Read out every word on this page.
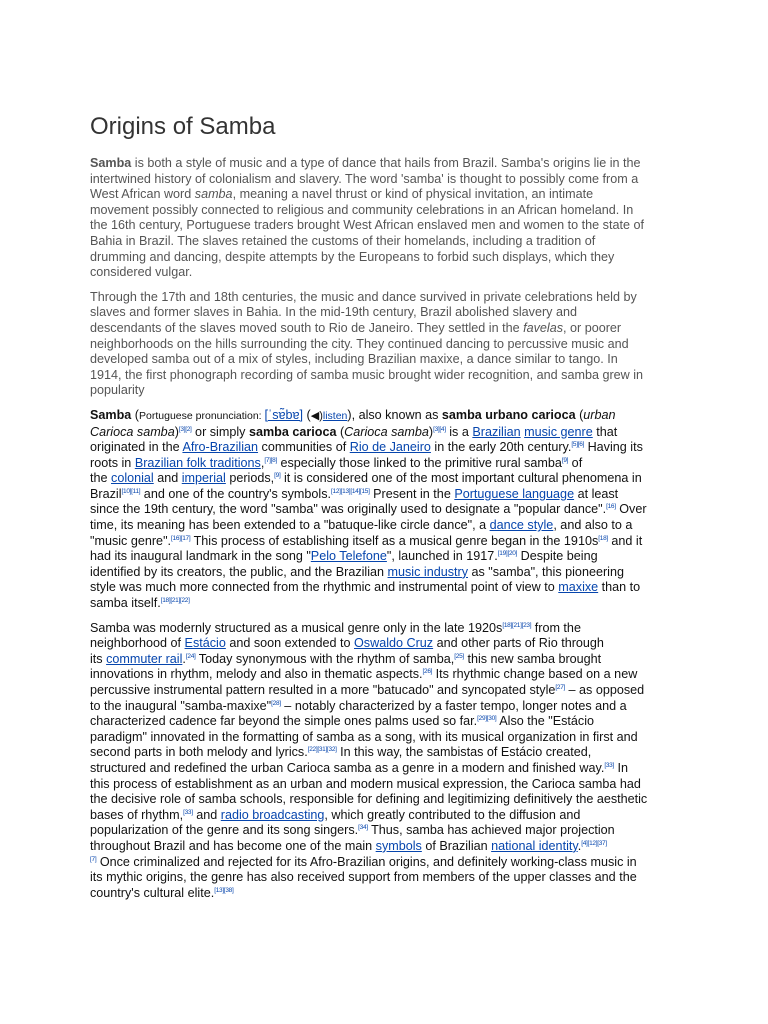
Origins of Samba

Samba is both a style of music and a type of dance that hails from Brazil. Samba's origins lie in the
intertwined history of colonialism and slavery. The word 'samba' is thought to possibly come from a
West African word samba, meaning a navel thrust or kind of physical invitation, an intimate
movement possibly connected to religious and community celebrations in an African homeland. In
the 16th century, Portuguese traders brought West African enslaved men and women to the state of
Bahia in Brazil. The slaves retained the customs of their homelands, including a tradition of
drumming and dancing, despite attempts by the Europeans to forbid such displays, which they
considered vulgar.

Through the 17th and 18th centuries, the music and dance survived in private celebrations held by
slaves and former slaves in Bahia. In the mid-19th century, Brazil abolished slavery and
descendants of the slaves moved south to Rio de Janeiro. They settled in the favelas, or poorer
neighborhoods on the hills surrounding the city. They continued dancing to percussive music and
developed samba out of a mix of styles, including Brazilian maxixe, a dance similar to tango. In
1914, the first phonograph recording of samba music brought wider recognition, and samba grew in
popularity

Samba (Portuguese pronunciation: [ˈsɐ̃bɐ] (◀)listen), also known as samba urbano carioca (urban
Carioca samba)[3][2] or simply samba carioca (Carioca samba)[3][4] is a Brazilian music genre that
originated in the Afro-Brazilian communities of Rio de Janeiro in the early 20th century.[5][6] Having its
roots in Brazilian folk traditions,[7][8] especially those linked to the primitive rural samba[9] of
the colonial and imperial periods,[9] it is considered one of the most important cultural phenomena in
Brazil[10][11] and one of the country's symbols.[12][13][14][15] Present in the Portuguese language at least
since the 19th century, the word "samba" was originally used to designate a "popular dance".[16] Over
time, its meaning has been extended to a "batuque-like circle dance", a dance style, and also to a
"music genre".[16][17] This process of establishing itself as a musical genre began in the 1910s[18] and it
had its inaugural landmark in the song "Pelo Telefone", launched in 1917.[19][20] Despite being
identified by its creators, the public, and the Brazilian music industry as "samba", this pioneering
style was much more connected from the rhythmic and instrumental point of view to maxixe than to
samba itself.[18][21][22]

Samba was modernly structured as a musical genre only in the late 1920s[18][21][23] from the
neighborhood of Estácio and soon extended to Oswaldo Cruz and other parts of Rio through
its commuter rail.[24] Today synonymous with the rhythm of samba,[25] this new samba brought
innovations in rhythm, melody and also in thematic aspects.[26] Its rhythmic change based on a new
percussive instrumental pattern resulted in a more "batucado" and syncopated style[27] – as opposed
to the inaugural "samba-maxixe"[28] – notably characterized by a faster tempo, longer notes and a
characterized cadence far beyond the simple ones palms used so far.[29][30] Also the "Estácio
paradigm" innovated in the formatting of samba as a song, with its musical organization in first and
second parts in both melody and lyrics.[22][31][32] In this way, the sambistas of Estácio created,
structured and redefined the urban Carioca samba as a genre in a modern and finished way.[33] In
this process of establishment as an urban and modern musical expression, the Carioca samba had
the decisive role of samba schools, responsible for defining and legitimizing definitively the aesthetic
bases of rhythm,[33] and radio broadcasting, which greatly contributed to the diffusion and
popularization of the genre and its song singers.[34] Thus, samba has achieved major projection
throughout Brazil and has become one of the main symbols of Brazilian national identity.[4][12][37]
[7] Once criminalized and rejected for its Afro-Brazilian origins, and definitely working-class music in
its mythic origins, the genre has also received support from members of the upper classes and the
country's cultural elite.[13][38]
